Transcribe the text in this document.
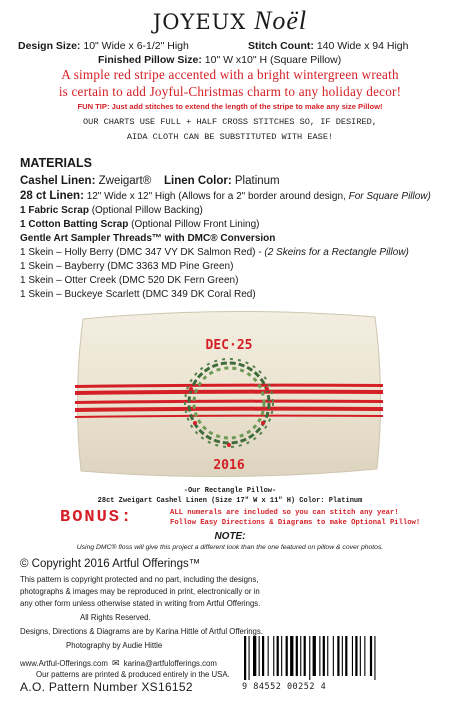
JOYEUX Noël
Design Size: 10" Wide x 6-1/2" High	Stitch Count: 140 Wide x 94 High
Finished Pillow Size: 10" W x10" H (Square Pillow)
A simple red stripe accented with a bright wintergreen wreath
is certain to add Joyful-Christmas charm to any holiday decor!
FUN TIP: Just add stitches to extend the length of the stripe to make any size Pillow!
OUR CHARTS USE FULL + HALF CROSS STITCHES SO, IF DESIRED,
AIDA CLOTH CAN BE SUBSTITUTED WITH EASE!
MATERIALS
Cashel Linen: Zweigart® Linen Color: Platinum
28 ct Linen: 12" Wide x 12" High (Allows for a 2" border around design, For Square Pillow)
1 Fabric Scrap (Optional Pillow Backing)
1 Cotton Batting Scrap (Optional Pillow Front Lining)
Gentle Art Sampler Threads™ with DMC® Conversion
1 Skein – Holly Berry (DMC 347 VY DK Salmon Red) - (2 Skeins for a Rectangle Pillow)
1 Skein – Bayberry (DMC 3363 MD Pine Green)
1 Skein – Otter Creek (DMC 520 DK Fern Green)
1 Skein – Buckeye Scarlett (DMC 349 DK Coral Red)
DEC·25
2016
-Our Rectangle Pillow-
28ct Zweigart Cashel Linen (Size 17" W x 11" H) Color: Platinum
BONUS:	ALL numerals are included so you can stitch any year!
Follow Easy Directions & Diagrams to make Optional Pillow!
NOTE:
Using DMC® floss will give this project a different look than the one featured on pillow & cover photos.
© Copyright 2016 Artful Offerings™
This pattern is copyright protected and no part, including the designs,
photographs & images may be reproduced in print, electronically or in
any other form unless otherwise stated in writing from Artful Offerings.
All Rights Reserved.
Designs, Directions & Diagrams are by Karina Hittle of Artful Offerings.
Photography by Audie Hittle
www.Artful-Offerings.com ✉ karina@artfulofferings.com
Our patterns are printed & produced entirely in the USA.
A.O. Pattern Number XS16152	9 84552 00252 4
